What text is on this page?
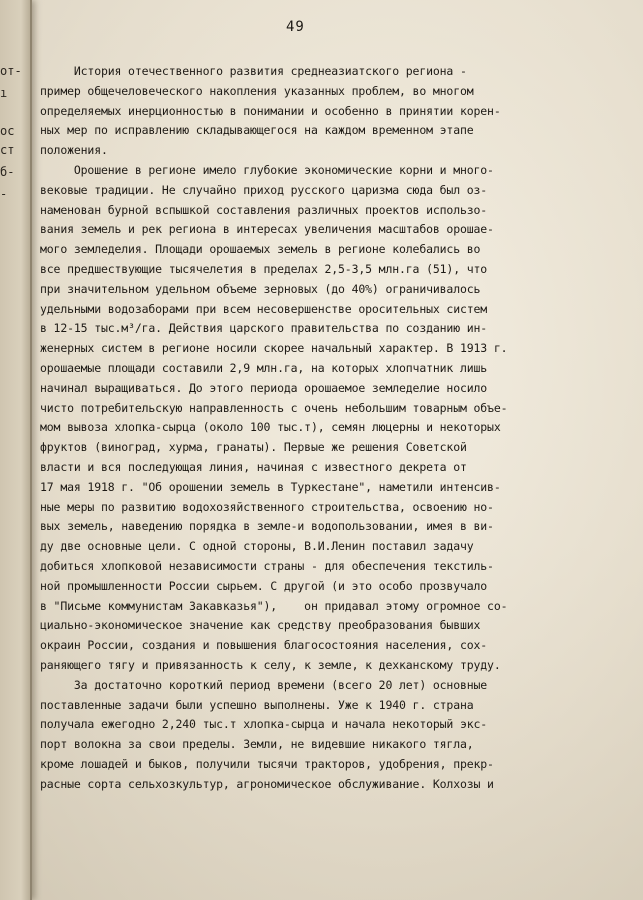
от-
ı
ос
ст
б-
-
49
История отечественного развития среднеазиатского региона -
пример общечеловеческого накопления указанных проблем, во многом
определяемых инерционностью в понимании и особенно в принятии корен-
ных мер по исправлению складывающегося на каждом временном этапе
положения.
Орошение в регионе имело глубокие экономические корни и много-
вековые традиции. Не случайно приход русского царизма сюда был оз-
наменован бурной вспышкой составления различных проектов использо-
вания земель и рек региона в интересах увеличения масштабов орошае-
мого земледелия. Площади орошаемых земель в регионе колебались во
все предшествующие тысячелетия в пределах 2,5-3,5 млн.га (51), что
при значительном удельном объеме зерновых (до 40%) ограничивалось
удельными водозаборами при всем несовершенстве оросительных систем
в 12-15 тыс.м³/га. Действия царского правительства по созданию ин-
женерных систем в регионе носили скорее начальный характер. В 1913 г.
орошаемые площади составили 2,9 млн.га, на которых хлопчатник лишь
начинал выращиваться. До этого периода орошаемое земледелие носило
чисто потребительскую направленность с очень небольшим товарным объе-
мом вывоза хлопка-сырца (около 100 тыс.т), семян люцерны и некоторых
фруктов (виноград, хурма, гранаты). Первые же решения Советской
власти и вся последующая линия, начиная с известного декрета от
17 мая 1918 г. "Об орошении земель в Туркестане", наметили интенсив-
ные меры по развитию водохозяйственного строительства, освоению но-
вых земель, наведению порядка в земле-и водопользовании, имея в ви-
ду две основные цели. С одной стороны, В.И.Ленин поставил задачу
добиться хлопковой независимости страны - для обеспечения текстиль-
ной промышленности России сырьем. С другой (и это особо прозвучало
в "Письме коммунистам Закавказья"),    он придавал этому огромное со-
циально-экономическое значение как средству преобразования бывших
окраин России, создания и повышения благосостояния населения, сох-
раняющего тягу и привязанность к селу, к земле, к дехканскому труду.
За достаточно короткий период времени (всего 20 лет) основные
поставленные задачи были успешно выполнены. Уже к 1940 г. страна
получала ежегодно 2,240 тыс.т хлопка-сырца и начала некоторый экс-
порт волокна за свои пределы. Земли, не видевшие никакого тягла,
кроме лошадей и быков, получили тысячи тракторов, удобрения, прекр-
расные сорта сельхозкультур, агрономическое обслуживание. Колхозы и
